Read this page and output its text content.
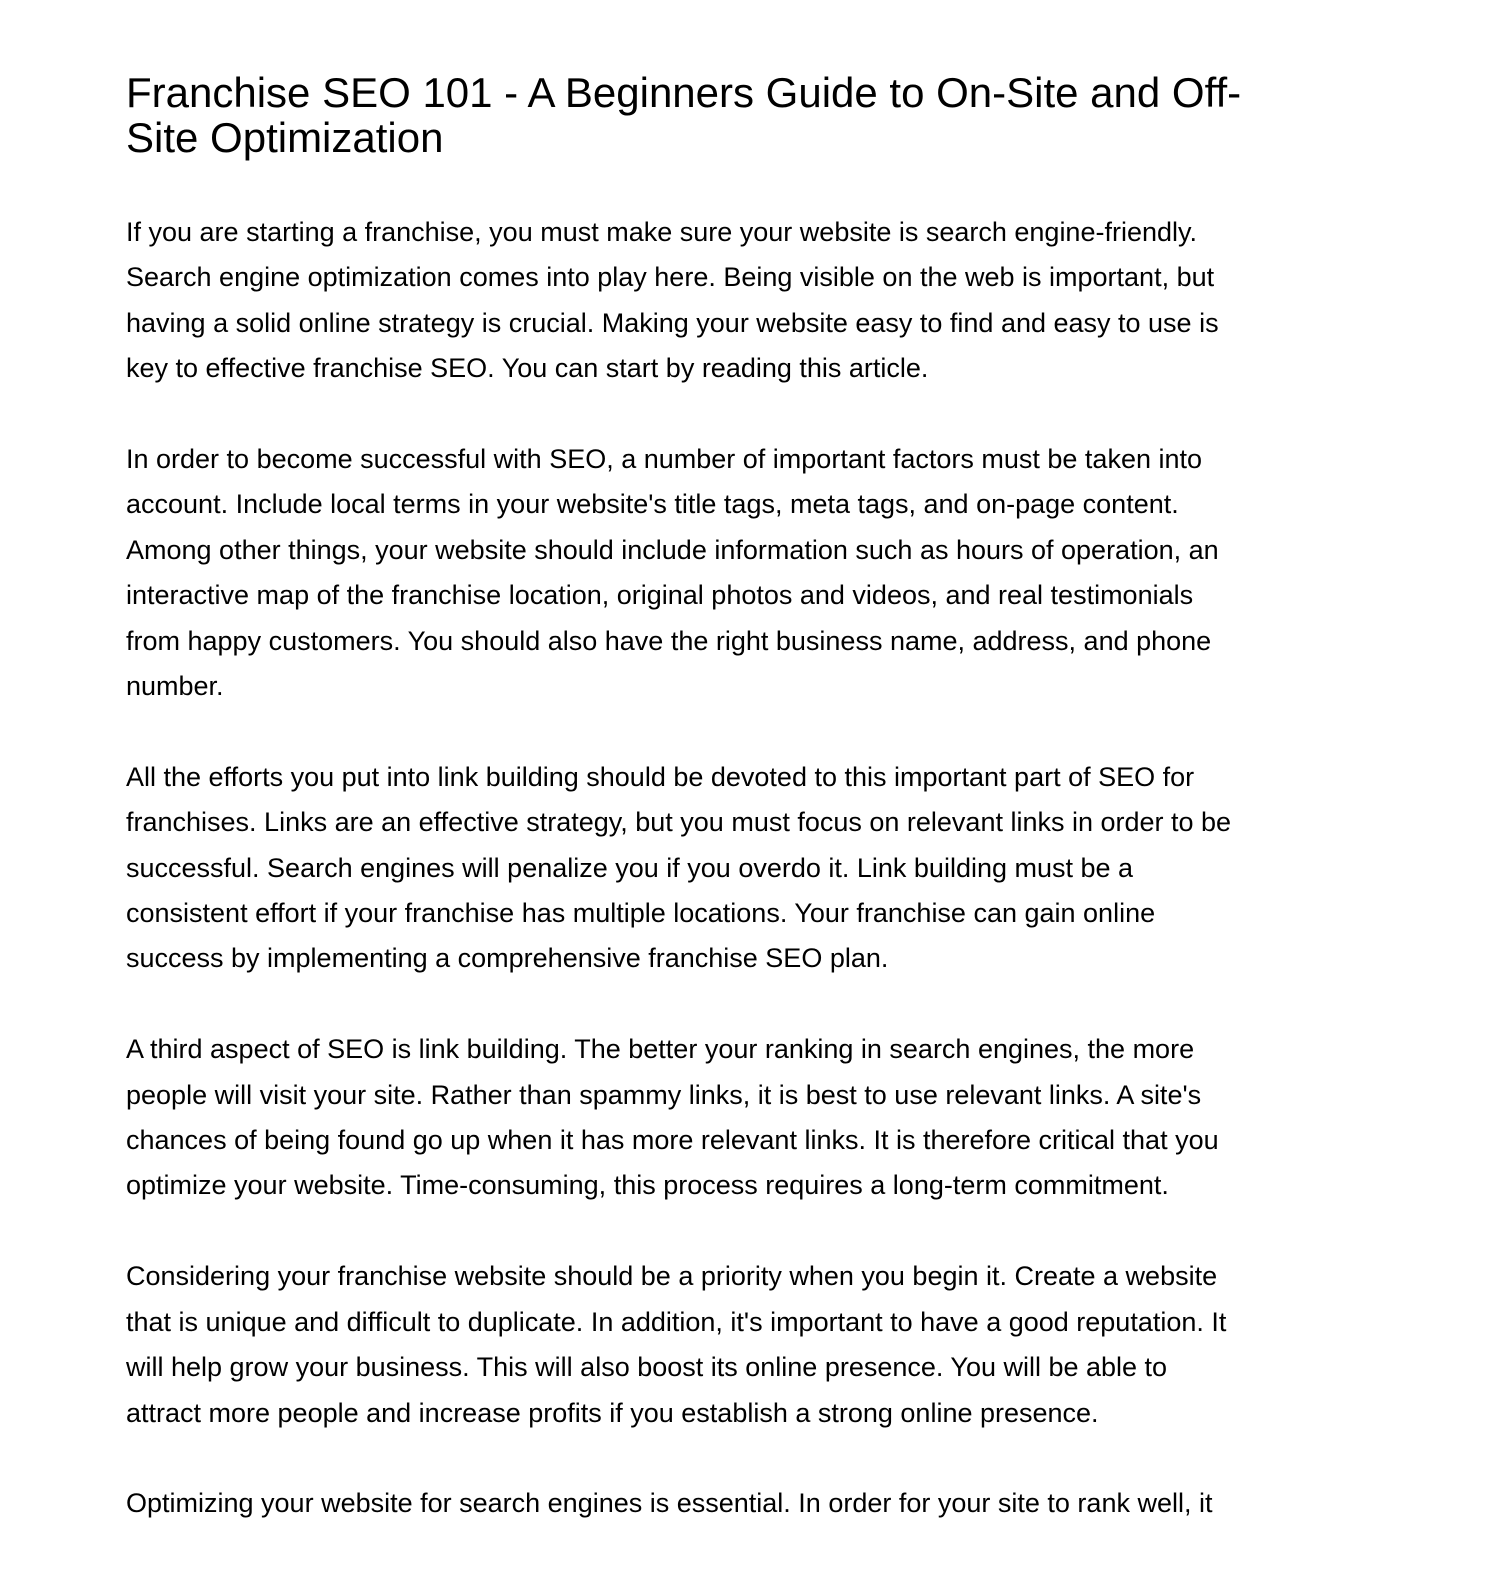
Franchise SEO 101 - A Beginners Guide to On-Site and Off-
Site Optimization

If you are starting a franchise, you must make sure your website is search engine-friendly.
Search engine optimization comes into play here. Being visible on the web is important, but
having a solid online strategy is crucial. Making your website easy to find and easy to use is
key to effective franchise SEO. You can start by reading this article.

In order to become successful with SEO, a number of important factors must be taken into
account. Include local terms in your website's title tags, meta tags, and on-page content.
Among other things, your website should include information such as hours of operation, an
interactive map of the franchise location, original photos and videos, and real testimonials
from happy customers. You should also have the right business name, address, and phone
number.

All the efforts you put into link building should be devoted to this important part of SEO for
franchises. Links are an effective strategy, but you must focus on relevant links in order to be
successful. Search engines will penalize you if you overdo it. Link building must be a
consistent effort if your franchise has multiple locations. Your franchise can gain online
success by implementing a comprehensive franchise SEO plan.

A third aspect of SEO is link building. The better your ranking in search engines, the more
people will visit your site. Rather than spammy links, it is best to use relevant links. A site's
chances of being found go up when it has more relevant links. It is therefore critical that you
optimize your website. Time-consuming, this process requires a long-term commitment.

Considering your franchise website should be a priority when you begin it. Create a website
that is unique and difficult to duplicate. In addition, it's important to have a good reputation. It
will help grow your business. This will also boost its online presence. You will be able to
attract more people and increase profits if you establish a strong online presence.

Optimizing your website for search engines is essential. In order for your site to rank well, it
